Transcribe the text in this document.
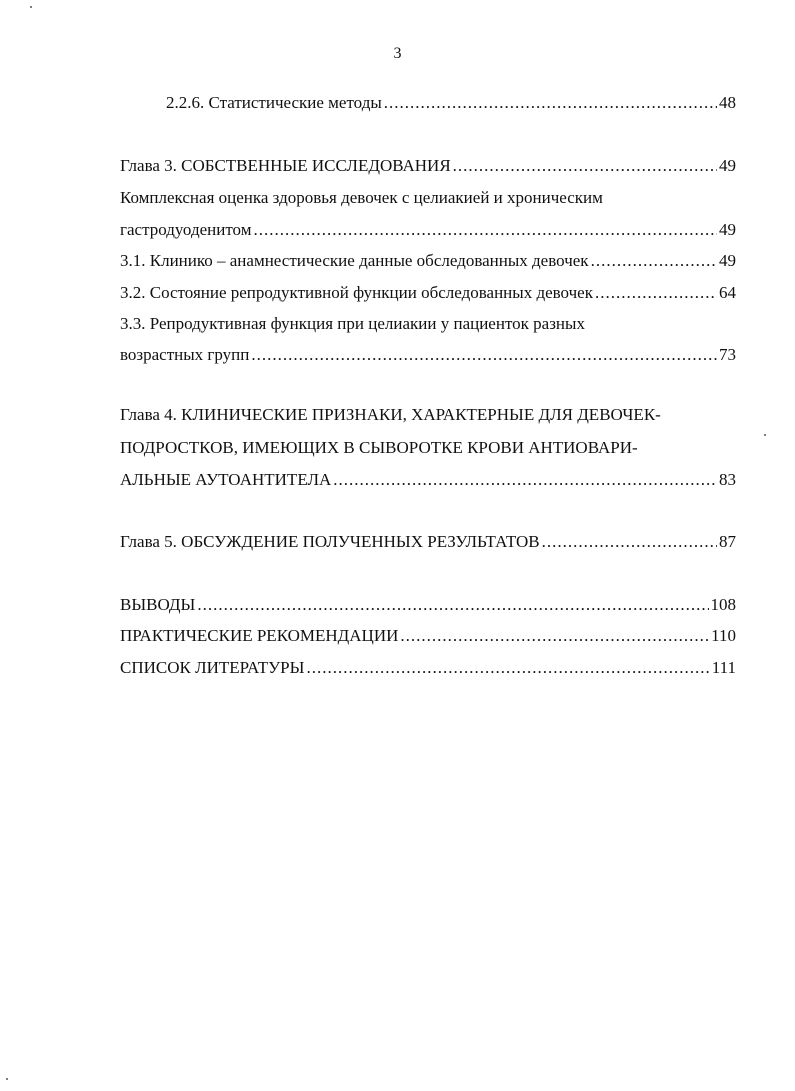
3
2.2.6. Статистические методы .....	48
Глава 3. СОБСТВЕННЫЕ ИССЛЕДОВАНИЯ .....	49
Комплексная оценка здоровья девочек с целиакией и хроническим
гастродуоденитом .....	49
3.1. Клинико – анамнестические данные обследованных девочек .....	49
3.2. Состояние репродуктивной функции обследованных девочек .....	64
3.3. Репродуктивная функция при целиакии у пациенток разных
возрастных групп .....	73
Глава 4. КЛИНИЧЕСКИЕ ПРИЗНАКИ, ХАРАКТЕРНЫЕ ДЛЯ ДЕВОЧЕК-
ПОДРОСТКОВ, ИМЕЮЩИХ В СЫВОРОТКЕ КРОВИ АНТИОВАРИ-
АЛЬНЫЕ АУТОАНТИТЕЛА .....	83
Глава 5. ОБСУЖДЕНИЕ ПОЛУЧЕННЫХ РЕЗУЛЬТАТОВ .....	87
ВЫВОДЫ .....	108
ПРАКТИЧЕСКИЕ РЕКОМЕНДАЦИИ .....	110
СПИСОК ЛИТЕРАТУРЫ .....	111
